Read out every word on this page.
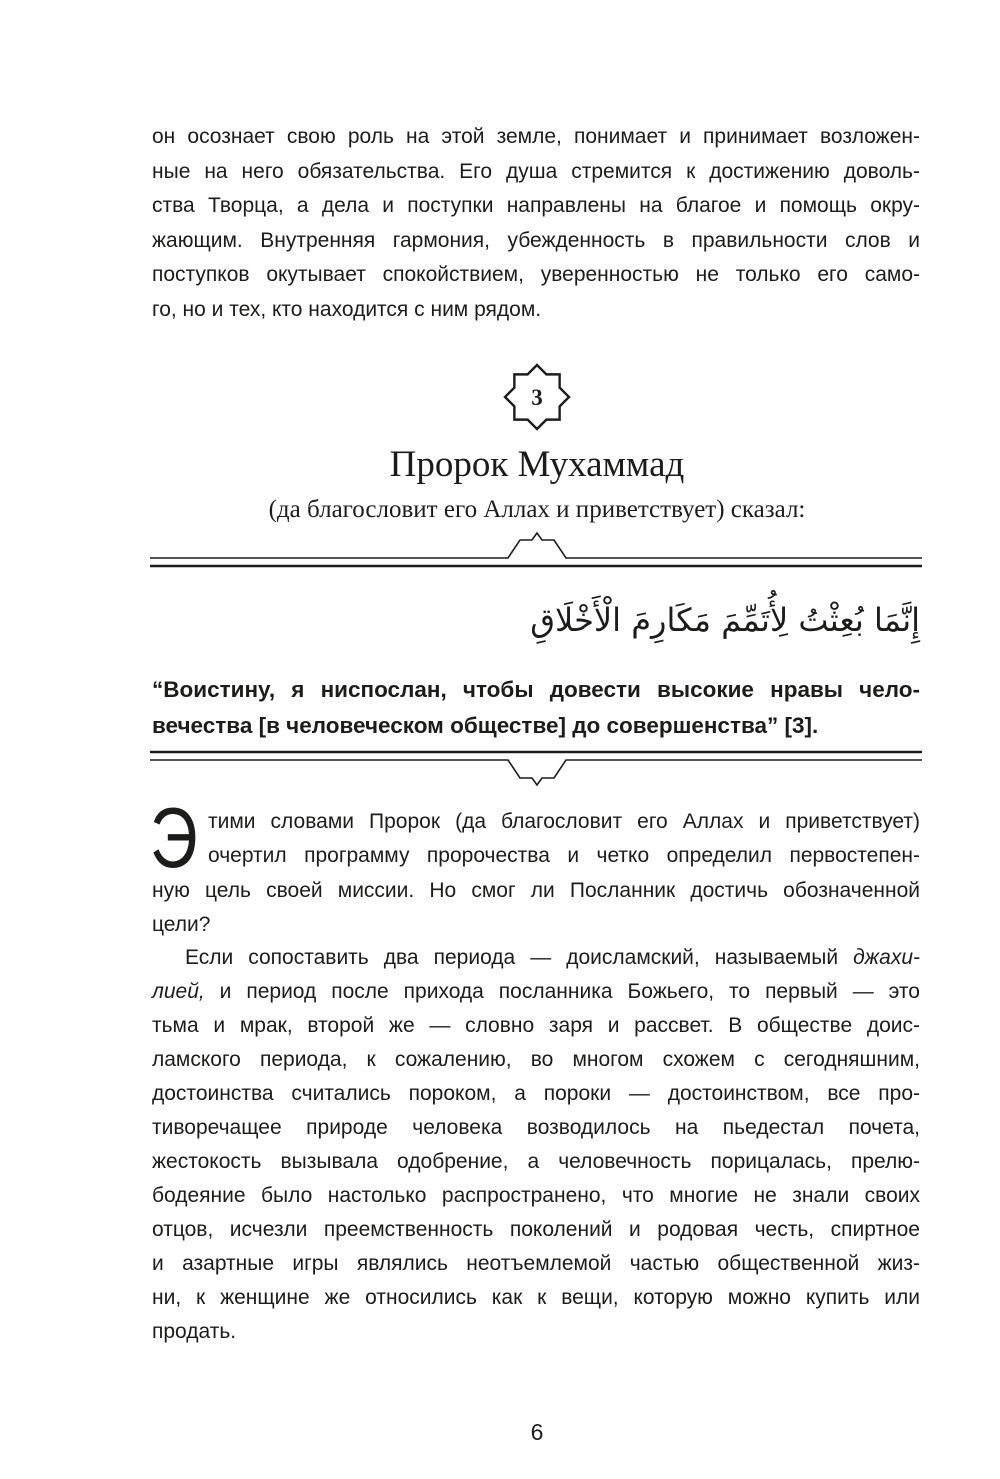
он осознает свою роль на этой земле, понимает и принимает возложен-
ные на него обязательства. Его душа стремится к достижению доволь-
ства Творца, а дела и поступки направлены на благое и помощь окру-
жающим. Внутренняя гармония, убежденность в правильности слов и
поступков окутывает спокойствием, уверенностью не только его само-
го, но и тех, кто находится с ним рядом.
3
Пророк Мухаммад
(да благословит его Аллах и приветствует) сказал:
إِنَّمَا بُعِثْتُ لِأُتَمِّمَ مَكَارِمَ الْأَخْلَاقِ
“Воистину, я ниспослан, чтобы довести высокие нравы чело-
вечества [в человеческом обществе] до совершенства” [3].
Э тими словами Пророк (да благословит его Аллах и приветствует)
очертил программу пророчества и четко определил первостепен-
ную цель своей миссии. Но смог ли Посланник достичь обозначенной
цели?
Если сопоставить два периода — доисламский, называемый джахи-
лией, и период после прихода посланника Божьего, то первый — это
тьма и мрак, второй же — словно заря и рассвет. В обществе доис-
ламского периода, к сожалению, во многом схожем с сегодняшним,
достоинства считались пороком, а пороки — достоинством, все про-
тиворечащее природе человека возводилось на пьедестал почета,
жестокость вызывала одобрение, а человечность порицалась, прелю-
бодеяние было настолько распространено, что многие не знали своих
отцов, исчезли преемственность поколений и родовая честь, спиртное
и азартные игры являлись неотъемлемой частью общественной жиз-
ни, к женщине же относились как к вещи, которую можно купить или
продать.
6
